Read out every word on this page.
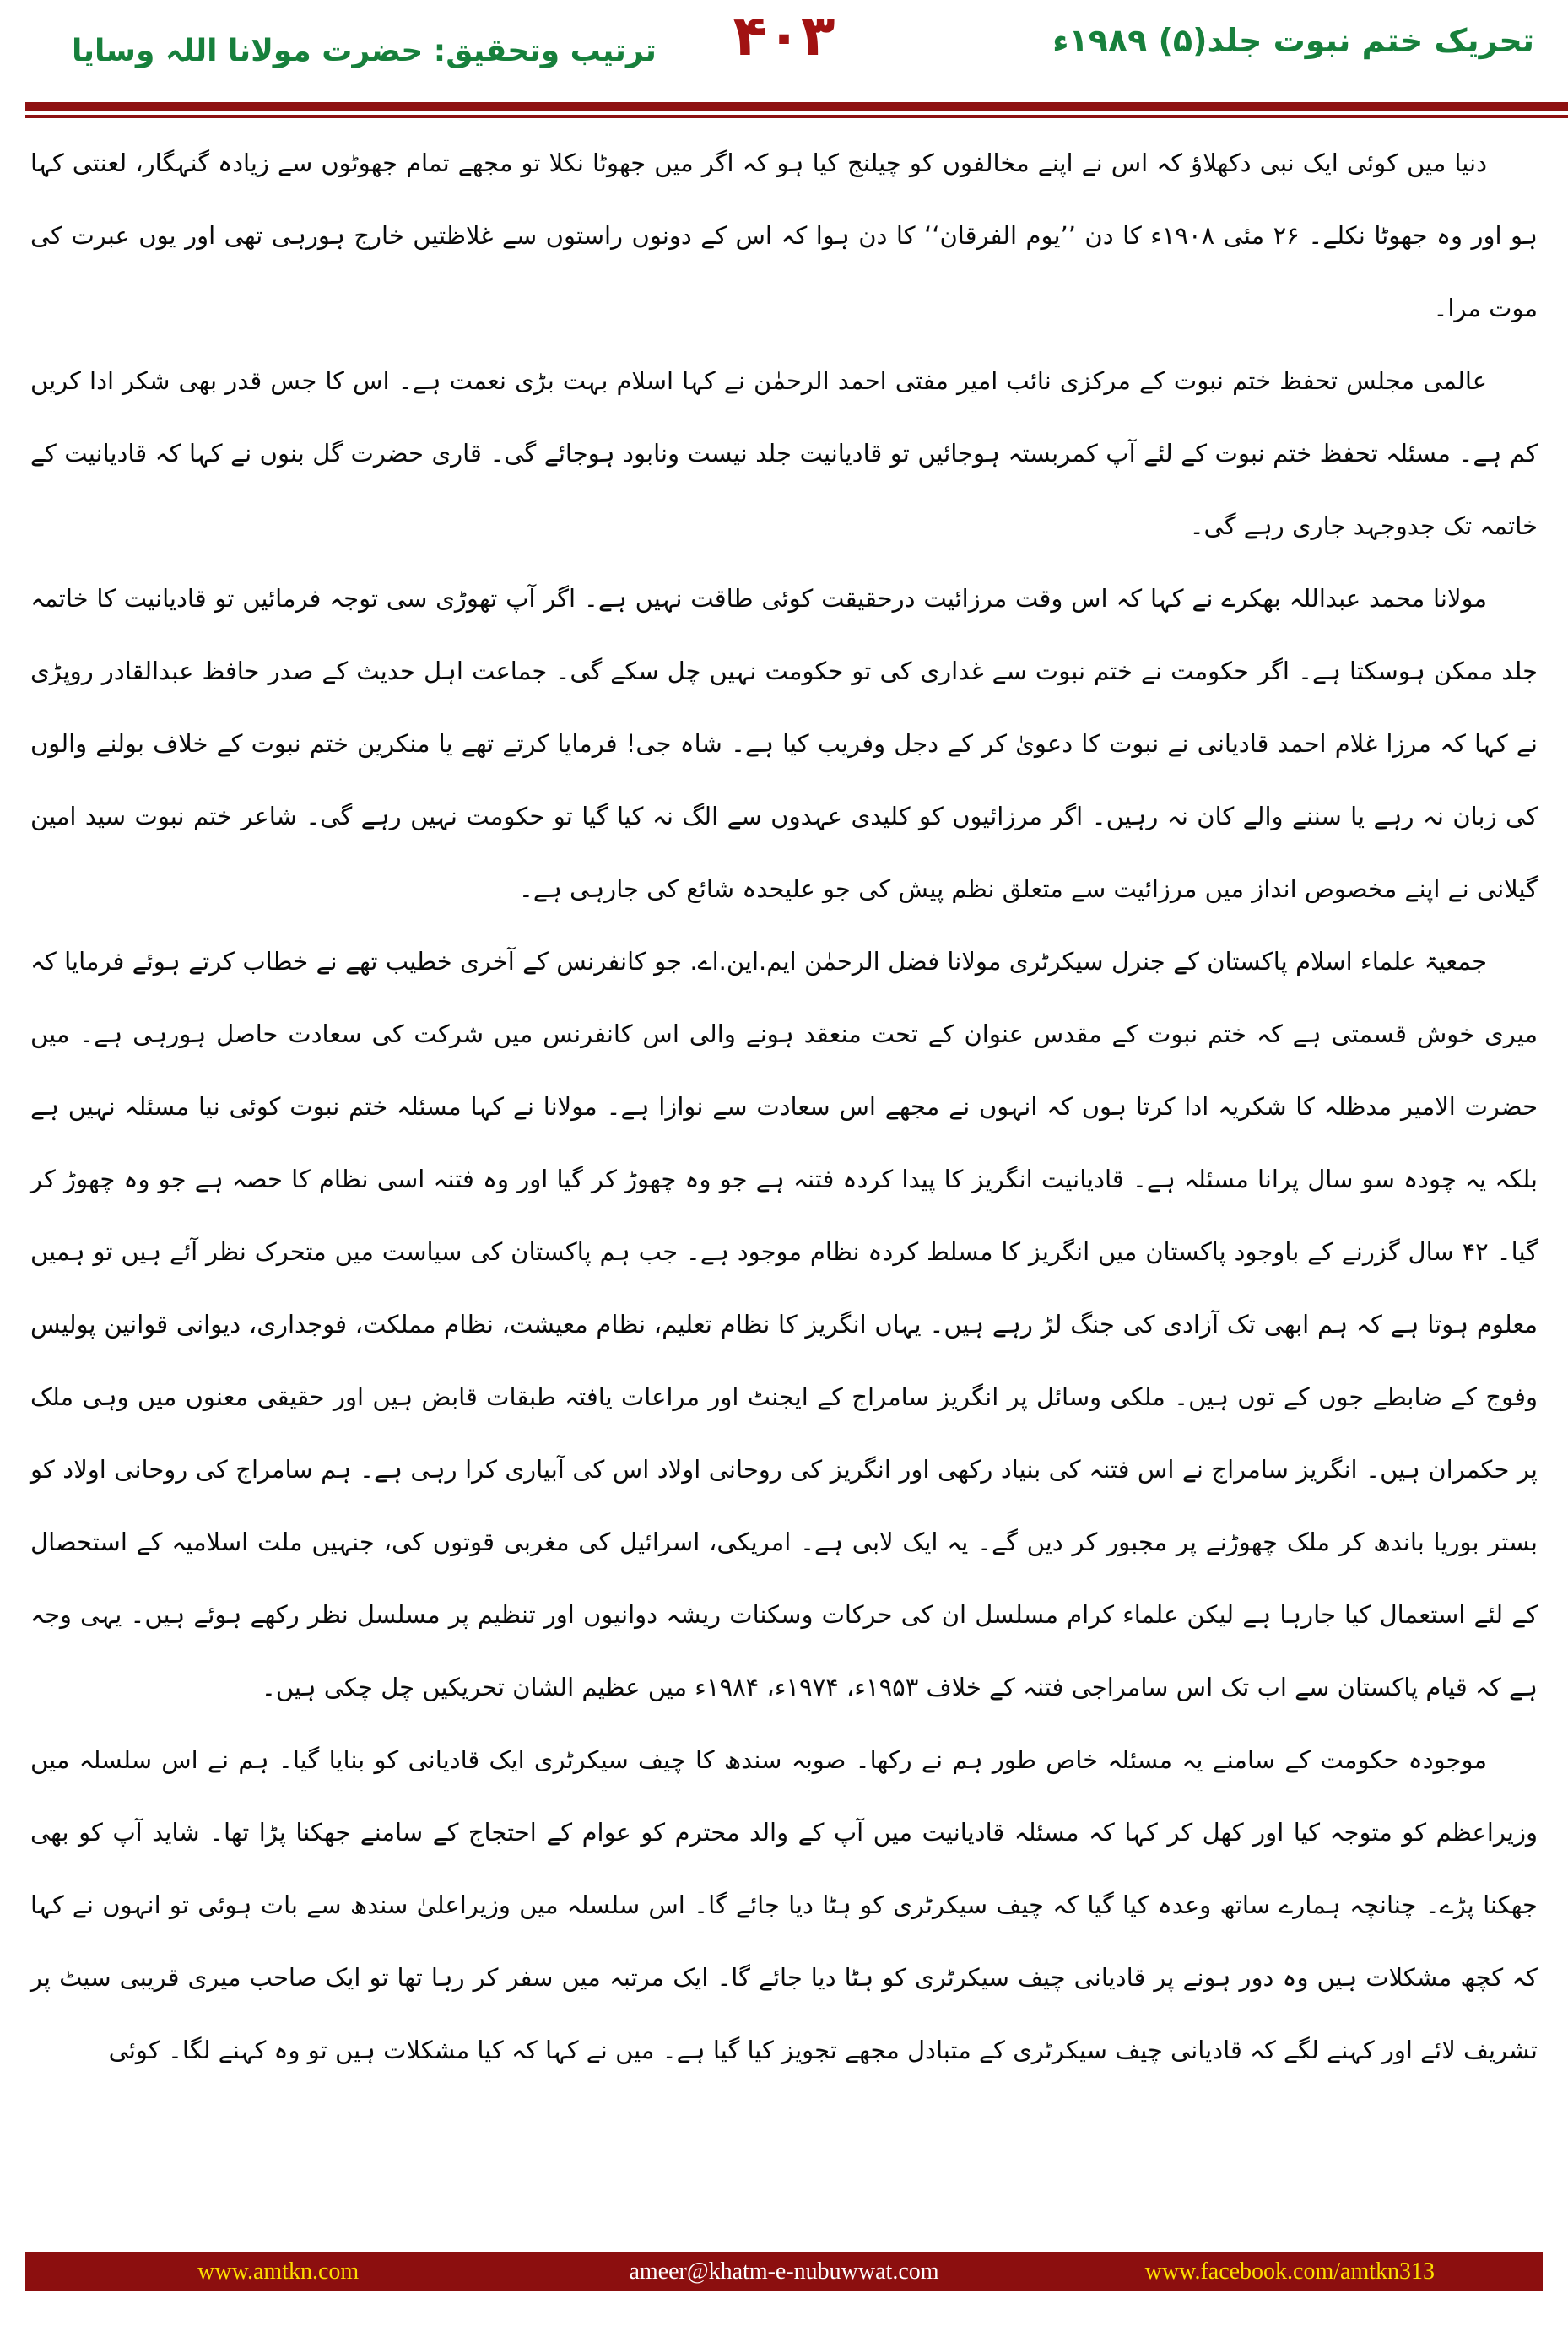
تحریک ختم نبوت جلد(۵) ۱۹۸۹ء
۴۰۳
ترتیب وتحقیق: حضرت مولانا اللہ وسایا

دنیا میں کوئی ایک نبی دکھلاؤ کہ اس نے اپنے مخالفوں کو چیلنج کیا ہو کہ اگر میں جھوٹا نکلا تو مجھے تمام جھوٹوں سے زیادہ گنہگار، لعنتی کہا ہو اور وہ جھوٹا نکلے۔ ۲۶ مئی ۱۹۰۸ء کا دن ’’یوم الفرقان‘‘ کا دن ہوا کہ اس کے دونوں راستوں سے غلاظتیں خارج ہورہی تھی اور یوں عبرت کی موت مرا۔

عالمی مجلس تحفظ ختم نبوت کے مرکزی نائب امیر مفتی احمد الرحمٰن نے کہا اسلام بہت بڑی نعمت ہے۔ اس کا جس قدر بھی شکر ادا کریں کم ہے۔ مسئلہ تحفظ ختم نبوت کے لئے آپ کمربستہ ہوجائیں تو قادیانیت جلد نیست ونابود ہوجائے گی۔ قاری حضرت گل بنوں نے کہا کہ قادیانیت کے خاتمہ تک جدوجہد جاری رہے گی۔

مولانا محمد عبداللہ بھکرے نے کہا کہ اس وقت مرزائیت درحقیقت کوئی طاقت نہیں ہے۔ اگر آپ تھوڑی سی توجہ فرمائیں تو قادیانیت کا خاتمہ جلد ممکن ہوسکتا ہے۔ اگر حکومت نے ختم نبوت سے غداری کی تو حکومت نہیں چل سکے گی۔ جماعت اہل حدیث کے صدر حافظ عبدالقادر روپڑی نے کہا کہ مرزا غلام احمد قادیانی نے نبوت کا دعویٰ کر کے دجل وفریب کیا ہے۔ شاہ جی! فرمایا کرتے تھے یا منکرین ختم نبوت کے خلاف بولنے والوں کی زبان نہ رہے یا سننے والے کان نہ رہیں۔ اگر مرزائیوں کو کلیدی عہدوں سے الگ نہ کیا گیا تو حکومت نہیں رہے گی۔ شاعر ختم نبوت سید امین گیلانی نے اپنے مخصوص انداز میں مرزائیت سے متعلق نظم پیش کی جو علیحدہ شائع کی جارہی ہے۔

جمعیۃ علماء اسلام پاکستان کے جنرل سیکرٹری مولانا فضل الرحمٰن ایم.این.اے. جو کانفرنس کے آخری خطیب تھے نے خطاب کرتے ہوئے فرمایا کہ میری خوش قسمتی ہے کہ ختم نبوت کے مقدس عنوان کے تحت منعقد ہونے والی اس کانفرنس میں شرکت کی سعادت حاصل ہورہی ہے۔ میں حضرت الامیر مدظلہ کا شکریہ ادا کرتا ہوں کہ انہوں نے مجھے اس سعادت سے نوازا ہے۔ مولانا نے کہا مسئلہ ختم نبوت کوئی نیا مسئلہ نہیں ہے بلکہ یہ چودہ سو سال پرانا مسئلہ ہے۔ قادیانیت انگریز کا پیدا کردہ فتنہ ہے جو وہ چھوڑ کر گیا اور وہ فتنہ اسی نظام کا حصہ ہے جو وہ چھوڑ کر گیا۔ ۴۲ سال گزرنے کے باوجود پاکستان میں انگریز کا مسلط کردہ نظام موجود ہے۔ جب ہم پاکستان کی سیاست میں متحرک نظر آئے ہیں تو ہمیں معلوم ہوتا ہے کہ ہم ابھی تک آزادی کی جنگ لڑ رہے ہیں۔ یہاں انگریز کا نظام تعلیم، نظام معیشت، نظام مملکت، فوجداری، دیوانی قوانین پولیس وفوج کے ضابطے جوں کے توں ہیں۔ ملکی وسائل پر انگریز سامراج کے ایجنٹ اور مراعات یافتہ طبقات قابض ہیں اور حقیقی معنوں میں وہی ملک پر حکمران ہیں۔ انگریز سامراج نے اس فتنہ کی بنیاد رکھی اور انگریز کی روحانی اولاد اس کی آبیاری کرا رہی ہے۔ ہم سامراج کی روحانی اولاد کو بستر بوریا باندھ کر ملک چھوڑنے پر مجبور کر دیں گے۔ یہ ایک لابی ہے۔ امریکی، اسرائیل کی مغربی قوتوں کی، جنہیں ملت اسلامیہ کے استحصال کے لئے استعمال کیا جارہا ہے لیکن علماء کرام مسلسل ان کی حرکات وسکنات ریشہ دوانیوں اور تنظیم پر مسلسل نظر رکھے ہوئے ہیں۔ یہی وجہ ہے کہ قیام پاکستان سے اب تک اس سامراجی فتنہ کے خلاف ۱۹۵۳ء، ۱۹۷۴ء، ۱۹۸۴ء میں عظیم الشان تحریکیں چل چکی ہیں۔

موجودہ حکومت کے سامنے یہ مسئلہ خاص طور ہم نے رکھا۔ صوبہ سندھ کا چیف سیکرٹری ایک قادیانی کو بنایا گیا۔ ہم نے اس سلسلہ میں وزیراعظم کو متوجہ کیا اور کھل کر کہا کہ مسئلہ قادیانیت میں آپ کے والد محترم کو عوام کے احتجاج کے سامنے جھکنا پڑا تھا۔ شاید آپ کو بھی جھکنا پڑے۔ چنانچہ ہمارے ساتھ وعدہ کیا گیا کہ چیف سیکرٹری کو ہٹا دیا جائے گا۔ اس سلسلہ میں وزیراعلیٰ سندھ سے بات ہوئی تو انہوں نے کہا کہ کچھ مشکلات ہیں وہ دور ہونے پر قادیانی چیف سیکرٹری کو ہٹا دیا جائے گا۔ ایک مرتبہ میں سفر کر رہا تھا تو ایک صاحب میری قریبی سیٹ پر تشریف لائے اور کہنے لگے کہ قادیانی چیف سیکرٹری کے متبادل مجھے تجویز کیا گیا ہے۔ میں نے کہا کہ کیا مشکلات ہیں تو وہ کہنے لگا۔ کوئی

www.amtkn.com	ameer@khatm-e-nubuwwat.com	www.facebook.com/amtkn313
